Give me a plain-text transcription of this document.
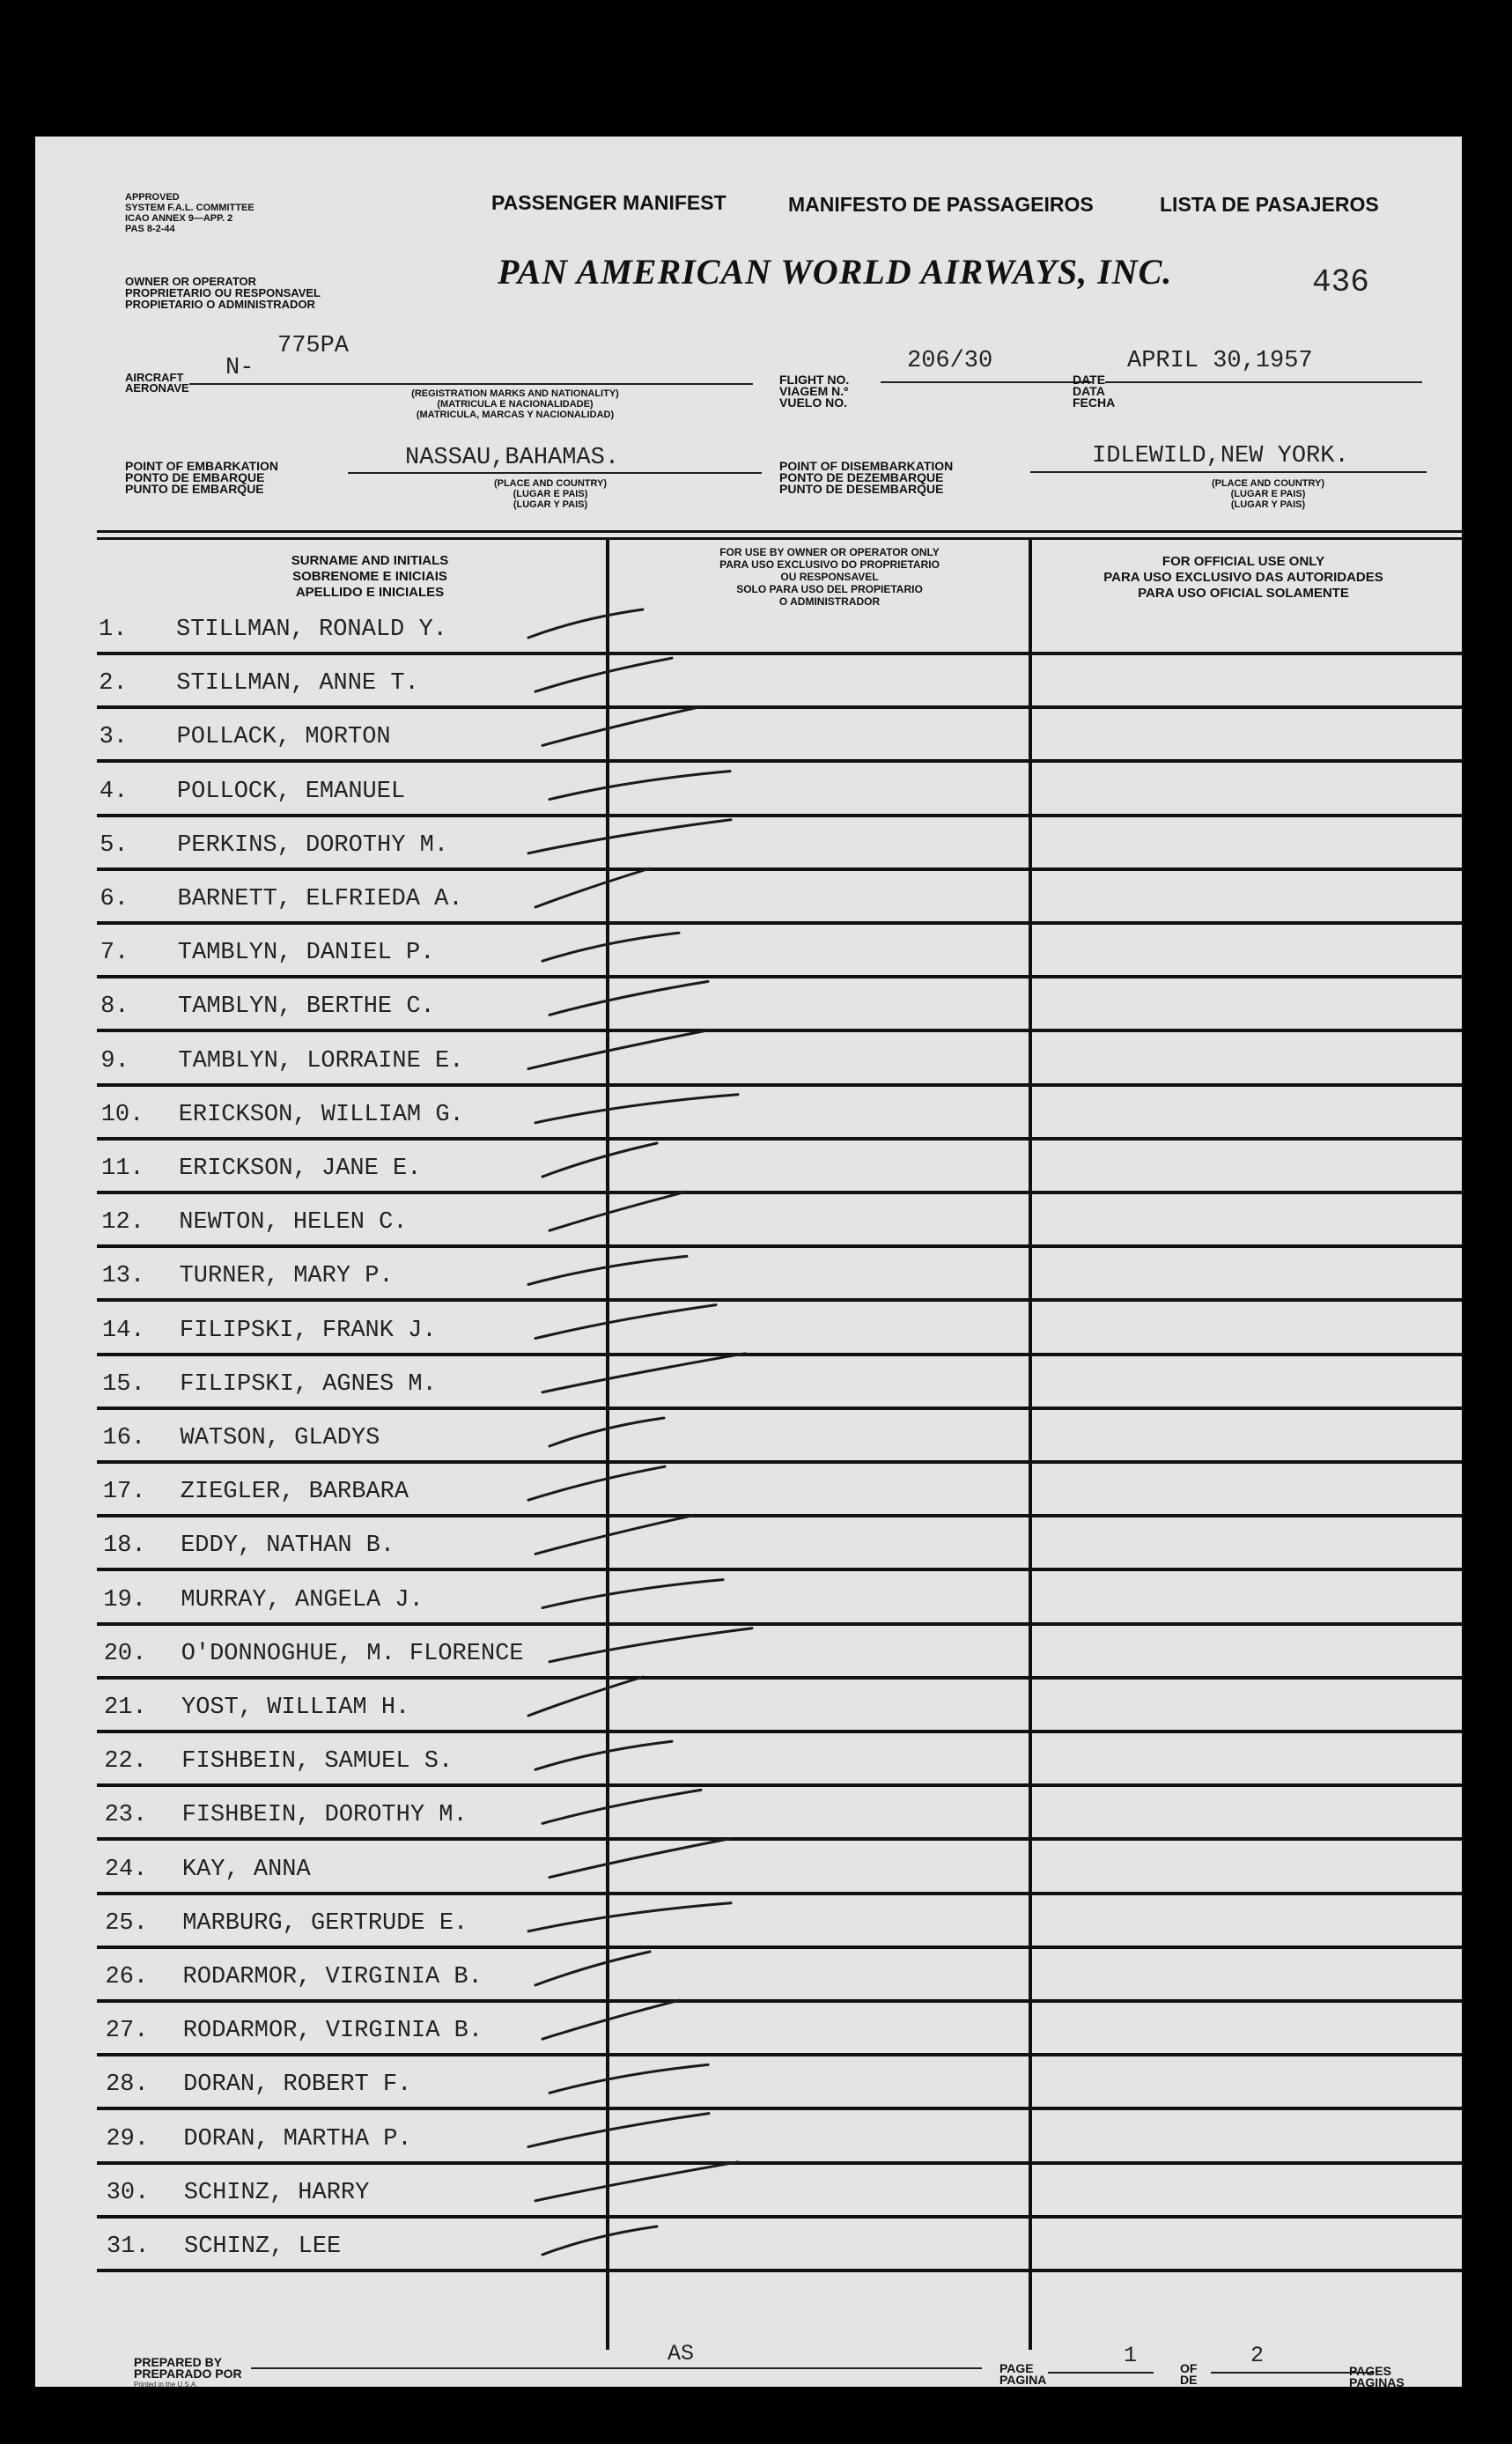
APPROVED
SYSTEM F.A.L. COMMITTEE
ICAO ANNEX 9—APP. 2
PAS 8-2-44
PASSENGER MANIFEST	MANIFESTO DE PASSAGEIROS	LISTA DE PASAJEROS
OWNER OR OPERATOR
PROPRIETARIO OU RESPONSAVEL
PROPIETARIO O ADMINISTRADOR
PAN AMERICAN WORLD AIRWAYS, INC.	436
AIRCRAFT
AERONAVE
N-
775PA
(REGISTRATION MARKS AND NATIONALITY)
(MATRICULA E NACIONALIDADE)
(MATRICULA, MARCAS Y NACIONALIDAD)
FLIGHT NO.
VIAGEM N.º
VUELO NO.
206/30
DATE
DATA
FECHA
APRIL 30,1957
POINT OF EMBARKATION
PONTO DE EMBARQUE
PUNTO DE EMBARQUE
NASSAU,BAHAMAS.
(PLACE AND COUNTRY)
(LUGAR E PAIS)
(LUGAR Y PAIS)
POINT OF DISEMBARKATION
PONTO DE DEZEMBARQUE
PUNTO DE DESEMBARQUE
IDLEWILD,NEW YORK.
(PLACE AND COUNTRY)
(LUGAR E PAIS)
(LUGAR Y PAIS)
SURNAME AND INITIALS
SOBRENOME E INICIAIS
APELLIDO E INICIALES
FOR USE BY OWNER OR OPERATOR ONLY
PARA USO EXCLUSIVO DO PROPRIETARIO
OU RESPONSAVEL
SOLO PARA USO DEL PROPIETARIO
O ADMINISTRADOR
FOR OFFICIAL USE ONLY
PARA USO EXCLUSIVO DAS AUTORIDADES
PARA USO OFICIAL SOLAMENTE
1. STILLMAN, RONALD Y.
2. STILLMAN, ANNE T.
3. POLLACK, MORTON
4. POLLOCK, EMANUEL
5. PERKINS, DOROTHY M.
6. BARNETT, ELFRIEDA A.
7. TAMBLYN, DANIEL P.
8. TAMBLYN, BERTHE C.
9. TAMBLYN, LORRAINE E.
10. ERICKSON, WILLIAM G.
11. ERICKSON, JANE E.
12. NEWTON, HELEN C.
13. TURNER, MARY P.
14. FILIPSKI, FRANK J.
15. FILIPSKI, AGNES M.
16. WATSON, GLADYS
17. ZIEGLER, BARBARA
18. EDDY, NATHAN B.
19. MURRAY, ANGELA J.
20. O'DONNOGHUE, M. FLORENCE
21. YOST, WILLIAM H.
22. FISHBEIN, SAMUEL S.
23. FISHBEIN, DOROTHY M.
24. KAY, ANNA
25. MARBURG, GERTRUDE E.
26. RODARMOR, VIRGINIA B.
27. RODARMOR, VIRGINIA B.
28. DORAN, ROBERT F.
29. DORAN, MARTHA P.
30. SCHINZ, HARRY
31. SCHINZ, LEE
PREPARED BY
PREPARADO POR
Printed in the U.S.A.
AS
PAGE
PAGINA
1	OF
DE
2
PAGES
PAGINAS
